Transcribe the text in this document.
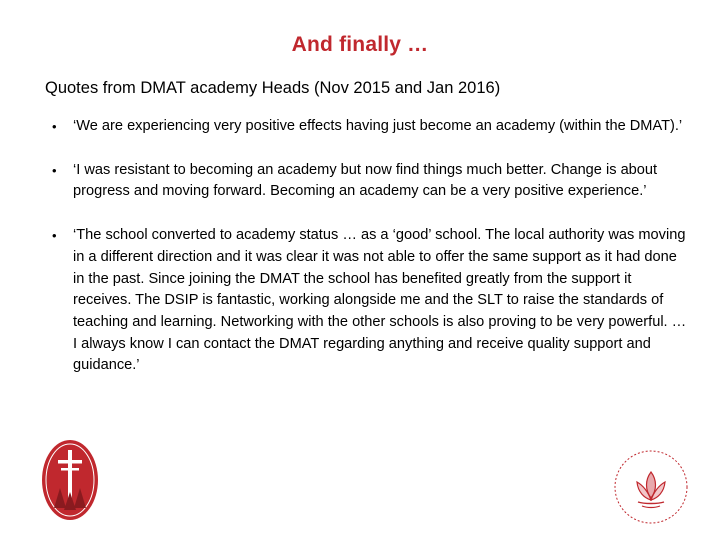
And finally …
Quotes from DMAT academy Heads (Nov 2015 and Jan 2016)
• ‘We are experiencing very positive effects having just become an academy (within the DMAT).’
• ‘I was resistant to becoming an academy but now find things much better. Change is about progress and moving forward. Becoming an academy can be a very positive experience.’
• ‘The school converted to academy status … as a ‘good’ school. The local authority was moving in a different direction and it was clear it was not able to offer the same support as it had done in the past. Since joining the DMAT the school has benefited greatly from the support it receives. The DSIP is fantastic, working alongside me and the SLT to raise the standards of teaching and learning. Networking with the other schools is also proving to be very powerful. … I always know I can contact the DMAT regarding anything and receive quality support and guidance.’
